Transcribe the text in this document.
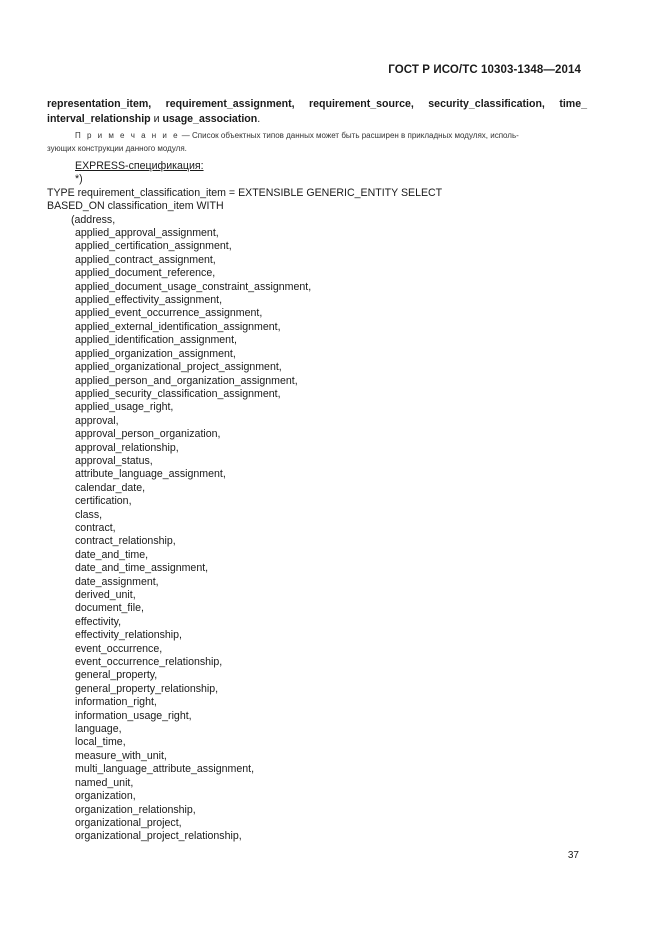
ГОСТ Р ИСО/ТС 10303-1348—2014
representation_item, requirement_assignment, requirement_source, security_classification, time_
interval_relationship и usage_association.
П р и м е ч а н и е — Список объектных типов данных может быть расширен в прикладных модулях, исполь-
зующих конструкции данного модуля.
EXPRESS-спецификация:
*)
TYPE requirement_classification_item = EXTENSIBLE GENERIC_ENTITY SELECT
BASED_ON classification_item WITH
(address,
applied_approval_assignment,
applied_certification_assignment,
applied_contract_assignment,
applied_document_reference,
applied_document_usage_constraint_assignment,
applied_effectivity_assignment,
applied_event_occurrence_assignment,
applied_external_identification_assignment,
applied_identification_assignment,
applied_organization_assignment,
applied_organizational_project_assignment,
applied_person_and_organization_assignment,
applied_security_classification_assignment,
applied_usage_right,
approval,
approval_person_organization,
approval_relationship,
approval_status,
attribute_language_assignment,
calendar_date,
certification,
class,
contract,
contract_relationship,
date_and_time,
date_and_time_assignment,
date_assignment,
derived_unit,
document_file,
effectivity,
effectivity_relationship,
event_occurrence,
event_occurrence_relationship,
general_property,
general_property_relationship,
information_right,
information_usage_right,
language,
local_time,
measure_with_unit,
multi_language_attribute_assignment,
named_unit,
organization,
organization_relationship,
organizational_project,
organizational_project_relationship,
37
